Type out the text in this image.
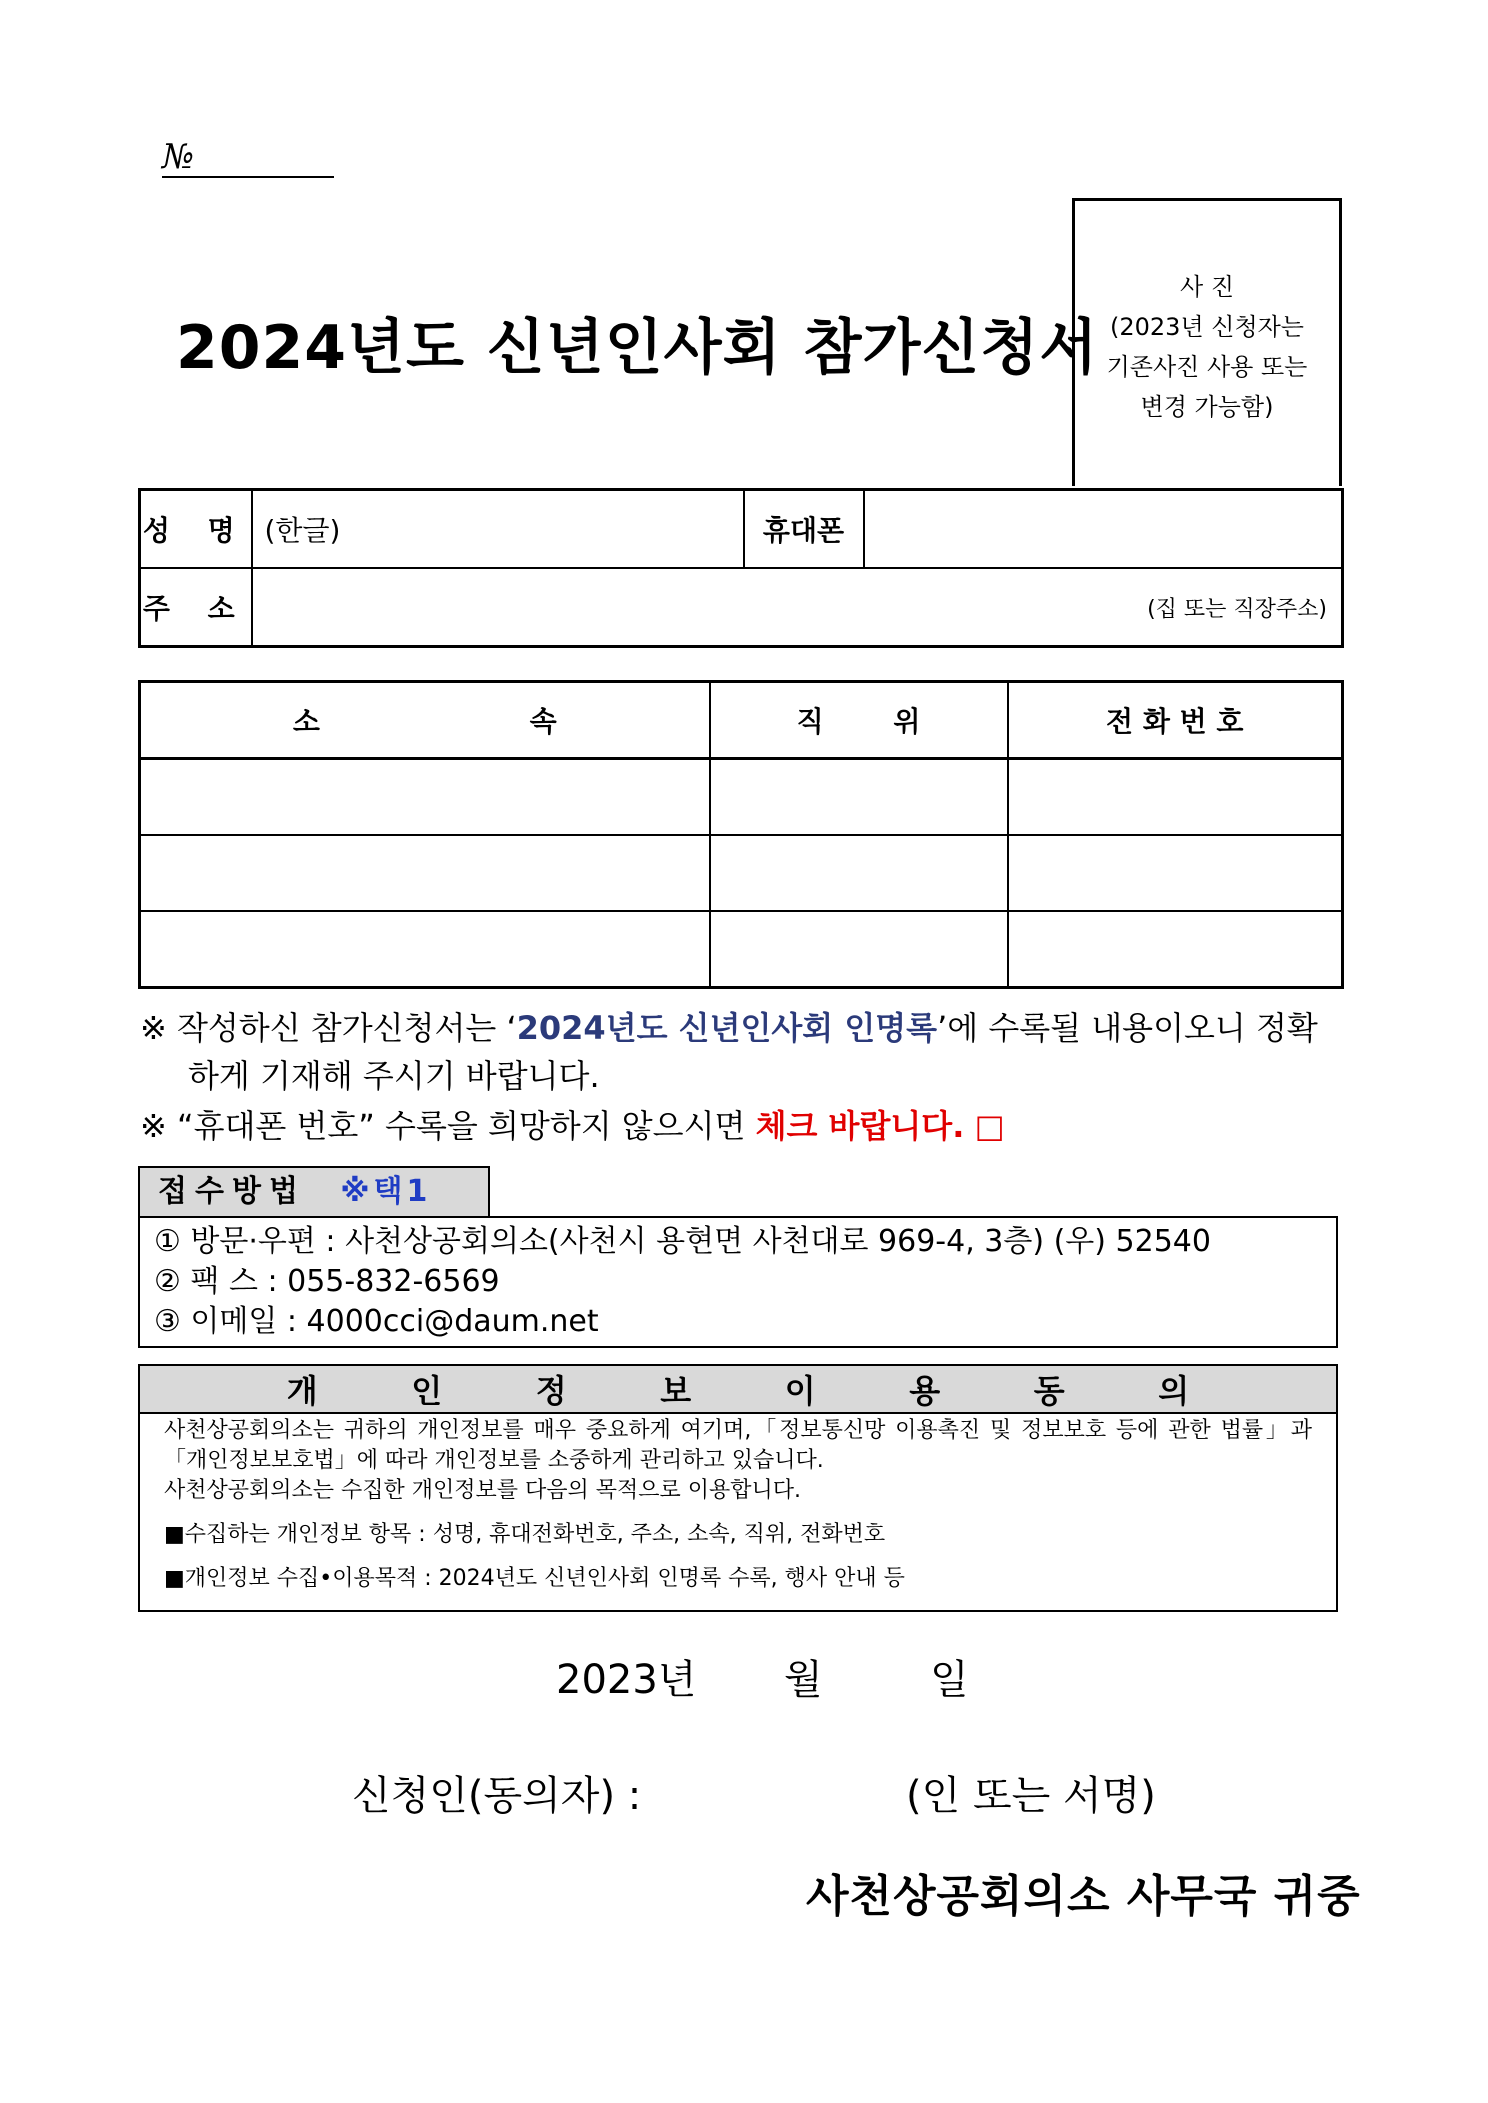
№
2024년도 신년인사회 참가신청서
사 진
(2023년 신청자는
기존사진 사용 또는
변경 가능함)
성 명	(한글)	휴대폰	
주 소	(집 또는 직장주소)		
소 속	직 위	전 화 번 호

※ 작성하신 참가신청서는 ‘2024년도 신년인사회 인명록’에 수록될 내용이오니 정확
하게 기재해 주시기 바랍니다.
※ “휴대폰 번호” 수록을 희망하지 않으시면 체크 바랍니다. □
접수방법 ※택1
① 방문·우편 : 사천상공회의소(사천시 용현면 사천대로 969-4, 3층) (우) 52540
② 팩 스 : 055-832-6569
③ 이메일 : 4000cci@daum.net
개	인	정	보	이	용	동	의
사천상공회의소는 귀하의 개인정보를 매우 중요하게 여기며,「정보통신망 이용촉진 및 정보보호 등에 관한 법률」과「개인정보보호법」에 따라 개인정보를 소중하게 관리하고 있습니다.
사천상공회의소는 수집한 개인정보를 다음의 목적으로 이용합니다.
■수집하는 개인정보 항목 : 성명, 휴대전화번호, 주소, 소속, 직위, 전화번호
■개인정보 수집•이용목적 : 2024년도 신년인사회 인명록 수록, 행사 안내 등
2023년 월	일
신청인(동의자) :	(인 또는 서명)
사천상공회의소 사무국 귀중
